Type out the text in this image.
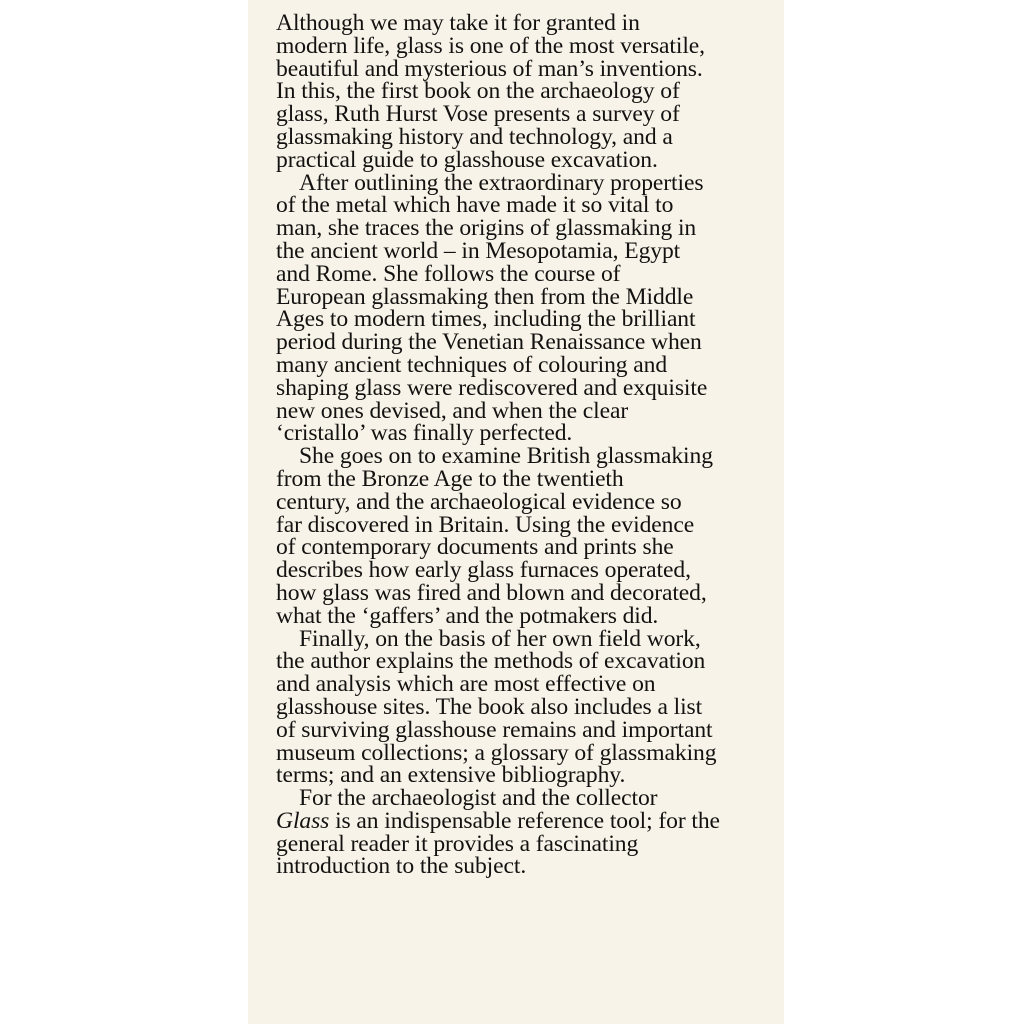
Although we may take it for granted in
modern life, glass is one of the most versatile,
beautiful and mysterious of man’s inventions.
In this, the first book on the archaeology of
glass, Ruth Hurst Vose presents a survey of
glassmaking history and technology, and a
practical guide to glasshouse excavation.

After outlining the extraordinary properties
of the metal which have made it so vital to
man, she traces the origins of glassmaking in
the ancient world – in Mesopotamia, Egypt
and Rome. She follows the course of
European glassmaking then from the Middle
Ages to modern times, including the brilliant
period during the Venetian Renaissance when
many ancient techniques of colouring and
shaping glass were rediscovered and exquisite
new ones devised, and when the clear
‘cristallo’ was finally perfected.

She goes on to examine British glassmaking
from the Bronze Age to the twentieth
century, and the archaeological evidence so
far discovered in Britain. Using the evidence
of contemporary documents and prints she
describes how early glass furnaces operated,
how glass was fired and blown and decorated,
what the ‘gaffers’ and the potmakers did.

Finally, on the basis of her own field work,
the author explains the methods of excavation
and analysis which are most effective on
glasshouse sites. The book also includes a list
of surviving glasshouse remains and important
museum collections; a glossary of glassmaking
terms; and an extensive bibliography.

For the archaeologist and the collector
Glass is an indispensable reference tool; for the
general reader it provides a fascinating
introduction to the subject.
